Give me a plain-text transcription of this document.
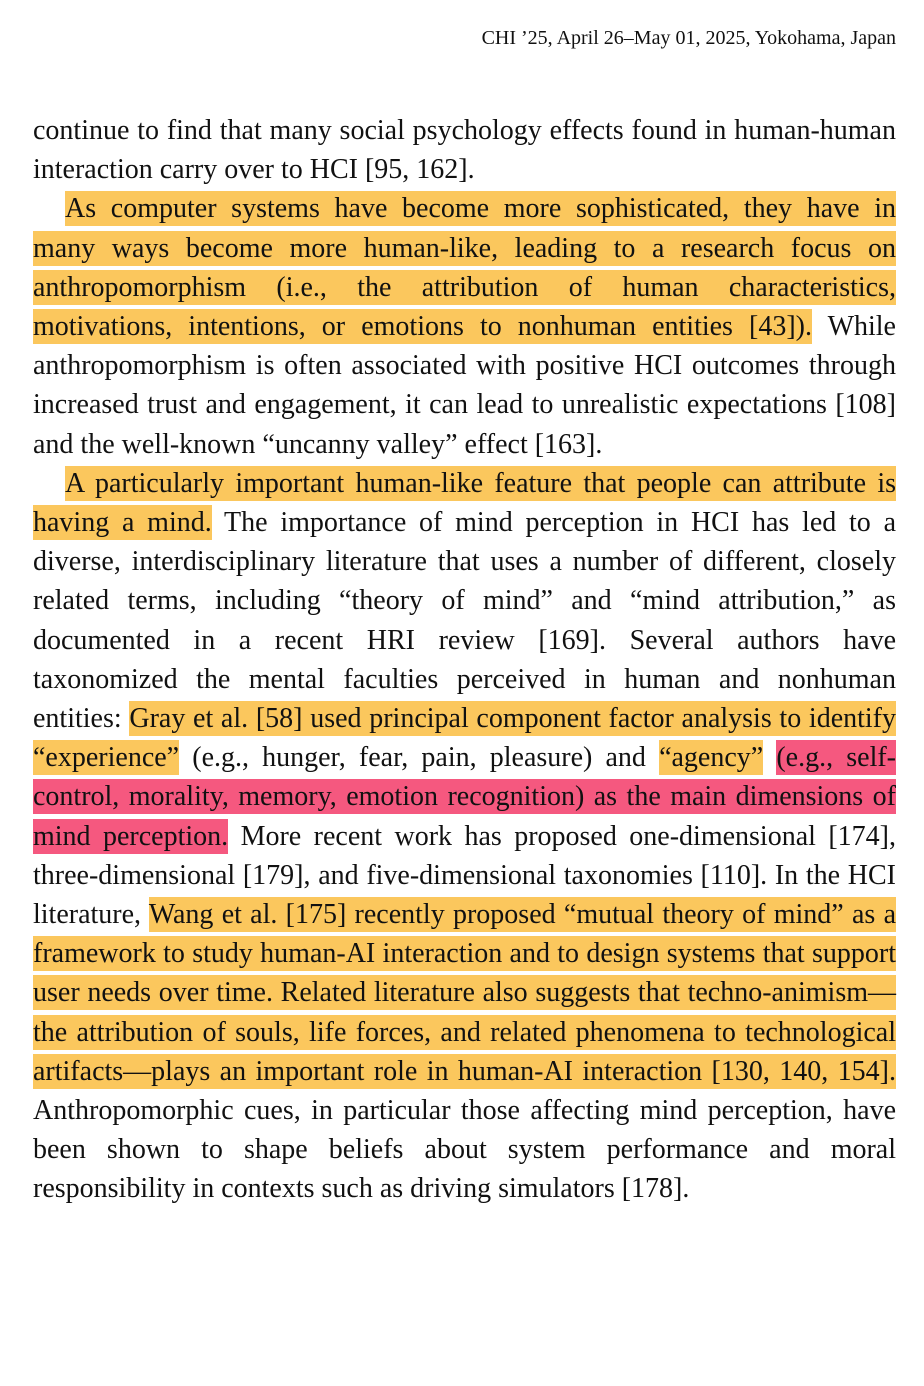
CHI ’25, April 26–May 01, 2025, Yokohama, Japan

continue to find that many social psychology effects found in human-human interaction carry over to HCI [95, 162].

As computer systems have become more sophisticated, they have in many ways become more human-like, leading to a research focus on anthropomorphism (i.e., the attribution of human characteristics, motivations, intentions, or emotions to nonhuman entities [43]). While anthropomorphism is often associated with positive HCI outcomes through increased trust and engagement, it can lead to unrealistic expectations [108] and the well-known “uncanny valley” effect [163].

A particularly important human-like feature that people can attribute is having a mind. The importance of mind perception in HCI has led to a diverse, interdisciplinary literature that uses a number of different, closely related terms, including “theory of mind” and “mind attribution,” as documented in a recent HRI review [169]. Several authors have taxonomized the mental faculties perceived in human and nonhuman entities: Gray et al. [58] used principal component factor analysis to identify “experience” (e.g., hunger, fear, pain, pleasure) and “agency” (e.g., self-control, morality, memory, emotion recognition) as the main dimensions of mind perception. More recent work has proposed one-dimensional [174], three-dimensional [179], and five-dimensional taxonomies [110]. In the HCI literature, Wang et al. [175] recently proposed “mutual theory of mind” as a framework to study human-AI interaction and to design systems that support user needs over time. Related literature also suggests that techno-animism—the attribution of souls, life forces, and related phenomena to technological artifacts—plays an important role in human-AI interaction [130, 140, 154]. Anthropomorphic cues, in particular those affecting mind perception, have been shown to shape beliefs about system performance and moral responsibility in contexts such as driving simulators [178].
